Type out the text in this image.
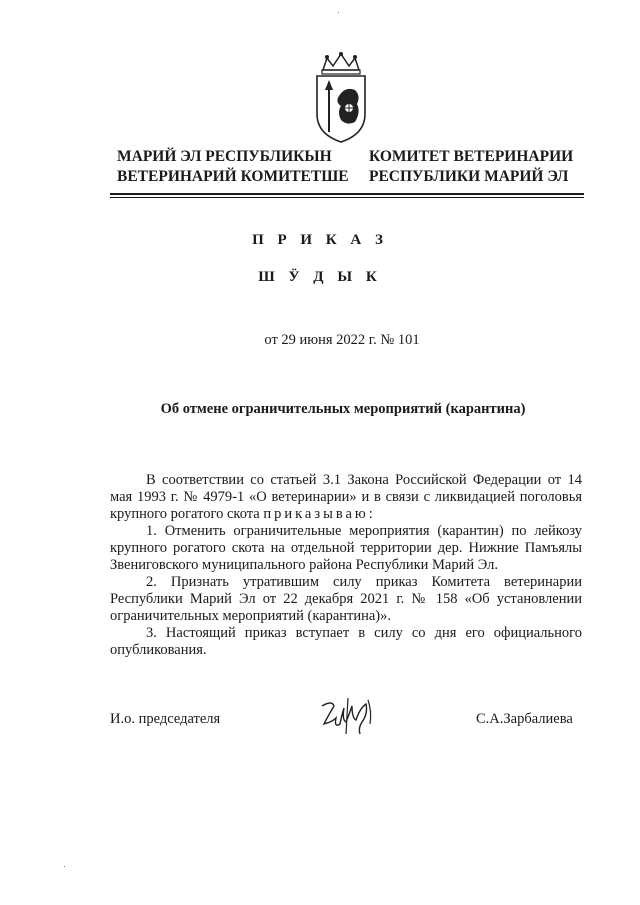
МАРИЙ ЭЛ РЕСПУБЛИКЫН
ВЕТЕРИНАРИЙ КОМИТЕТШЕ
КОМИТЕТ ВЕТЕРИНАРИИ
РЕСПУБЛИКИ МАРИЙ ЭЛ
П Р И К А З
Ш Ӱ Д Ы К
от 29 июня 2022 г. № 101
Об отмене ограничительных мероприятий (карантина)

В соответствии со статьей 3.1 Закона Российской Федерации от 14 мая 1993 г. № 4979-1 «О ветеринарии» и в связи с ликвидацией поголовья крупного рогатого скота приказываю:

1. Отменить ограничительные мероприятия (карантин) по лейкозу крупного рогатого скота на отдельной территории дер. Нижние Памъялы Звениговского муниципального района Республики Марий Эл.

2. Признать утратившим силу приказ Комитета ветеринарии Республики Марий Эл от 22 декабря 2021 г. № 158 «Об установлении ограничительных мероприятий (карантина)».

3. Настоящий приказ вступает в силу со дня его официального опубликования.

И.о. председателя	С.А.Зарбалиева
